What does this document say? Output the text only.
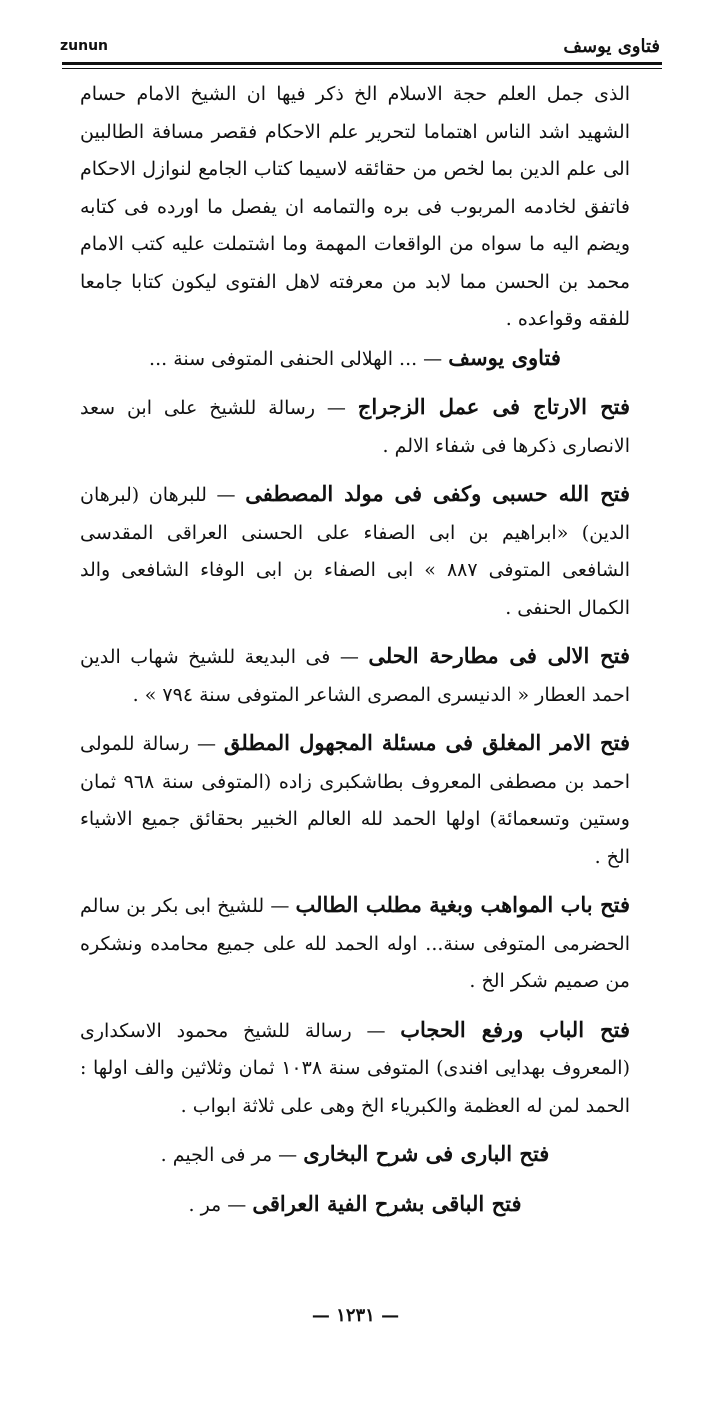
zunun	فتاوى يوسف

الذى جمل العلم حجة الاسلام الخ ذكر فيها ان الشيخ الامام حسام الشهيد اشد الناس اهتماما لتحرير علم الاحكام فقصر مسافة الطالبين الى علم الدين بما لخص من حقائقه لاسيما كتاب الجامع لنوازل الاحكام فاتفق لخادمه المربوب فى بره والتمامه ان يفصل ما اورده فى كتابه ويضم اليه ما سواه من الواقعات المهمة وما اشتملت عليه كتب الامام محمد بن الحسن مما لابد من معرفته لاهل الفتوى ليكون كتابا جامعا للفقه وقواعده .

فتاوى يوسف — ... الهلالى الحنفى المتوفى سنة ...

فتح الارتاج فى عمل الزجراج — رسالة للشيخ على ابن سعد الانصارى ذكرها فى شفاء الالم .

فتح الله حسبى وكفى فى مولد المصطفى — للبرهان (لبرهان الدين) «ابراهيم بن ابى الصفاء على الحسنى العراقى المقدسى الشافعى المتوفى ٨٨٧ » ابى الصفاء بن ابى الوفاء الشافعى والد الكمال الحنفى .

فتح الالى فى مطارحة الحلى — فى البديعة للشيخ شهاب الدين احمد العطار « الدنيسرى المصرى الشاعر المتوفى سنة ٧٩٤ » .

فتح الامر المغلق فى مسئلة المجهول المطلق — رسالة للمولى احمد بن مصطفى المعروف بطاشكبرى زاده (المتوفى سنة ٩٦٨ ثمان وستين وتسعمائة) اولها الحمد لله العالم الخبير بحقائق جميع الاشياء الخ .

فتح باب المواهب وبغية مطلب الطالب — للشيخ ابى بكر بن سالم الحضرمى المتوفى سنة... اوله الحمد لله على جميع محامده ونشكره من صميم شكر الخ .

فتح الباب ورفع الحجاب — رسالة للشيخ محمود الاسكدارى (المعروف بهدايى افندى) المتوفى سنة ١٠٣٨ ثمان وثلاثين والف اولها : الحمد لمن له العظمة والكبرياء الخ وهى على ثلاثة ابواب .

فتح البارى فى شرح البخارى — مر فى الجيم .

فتح الباقى بشرح الفية العراقى — مر .

— ١٢٣١ —
